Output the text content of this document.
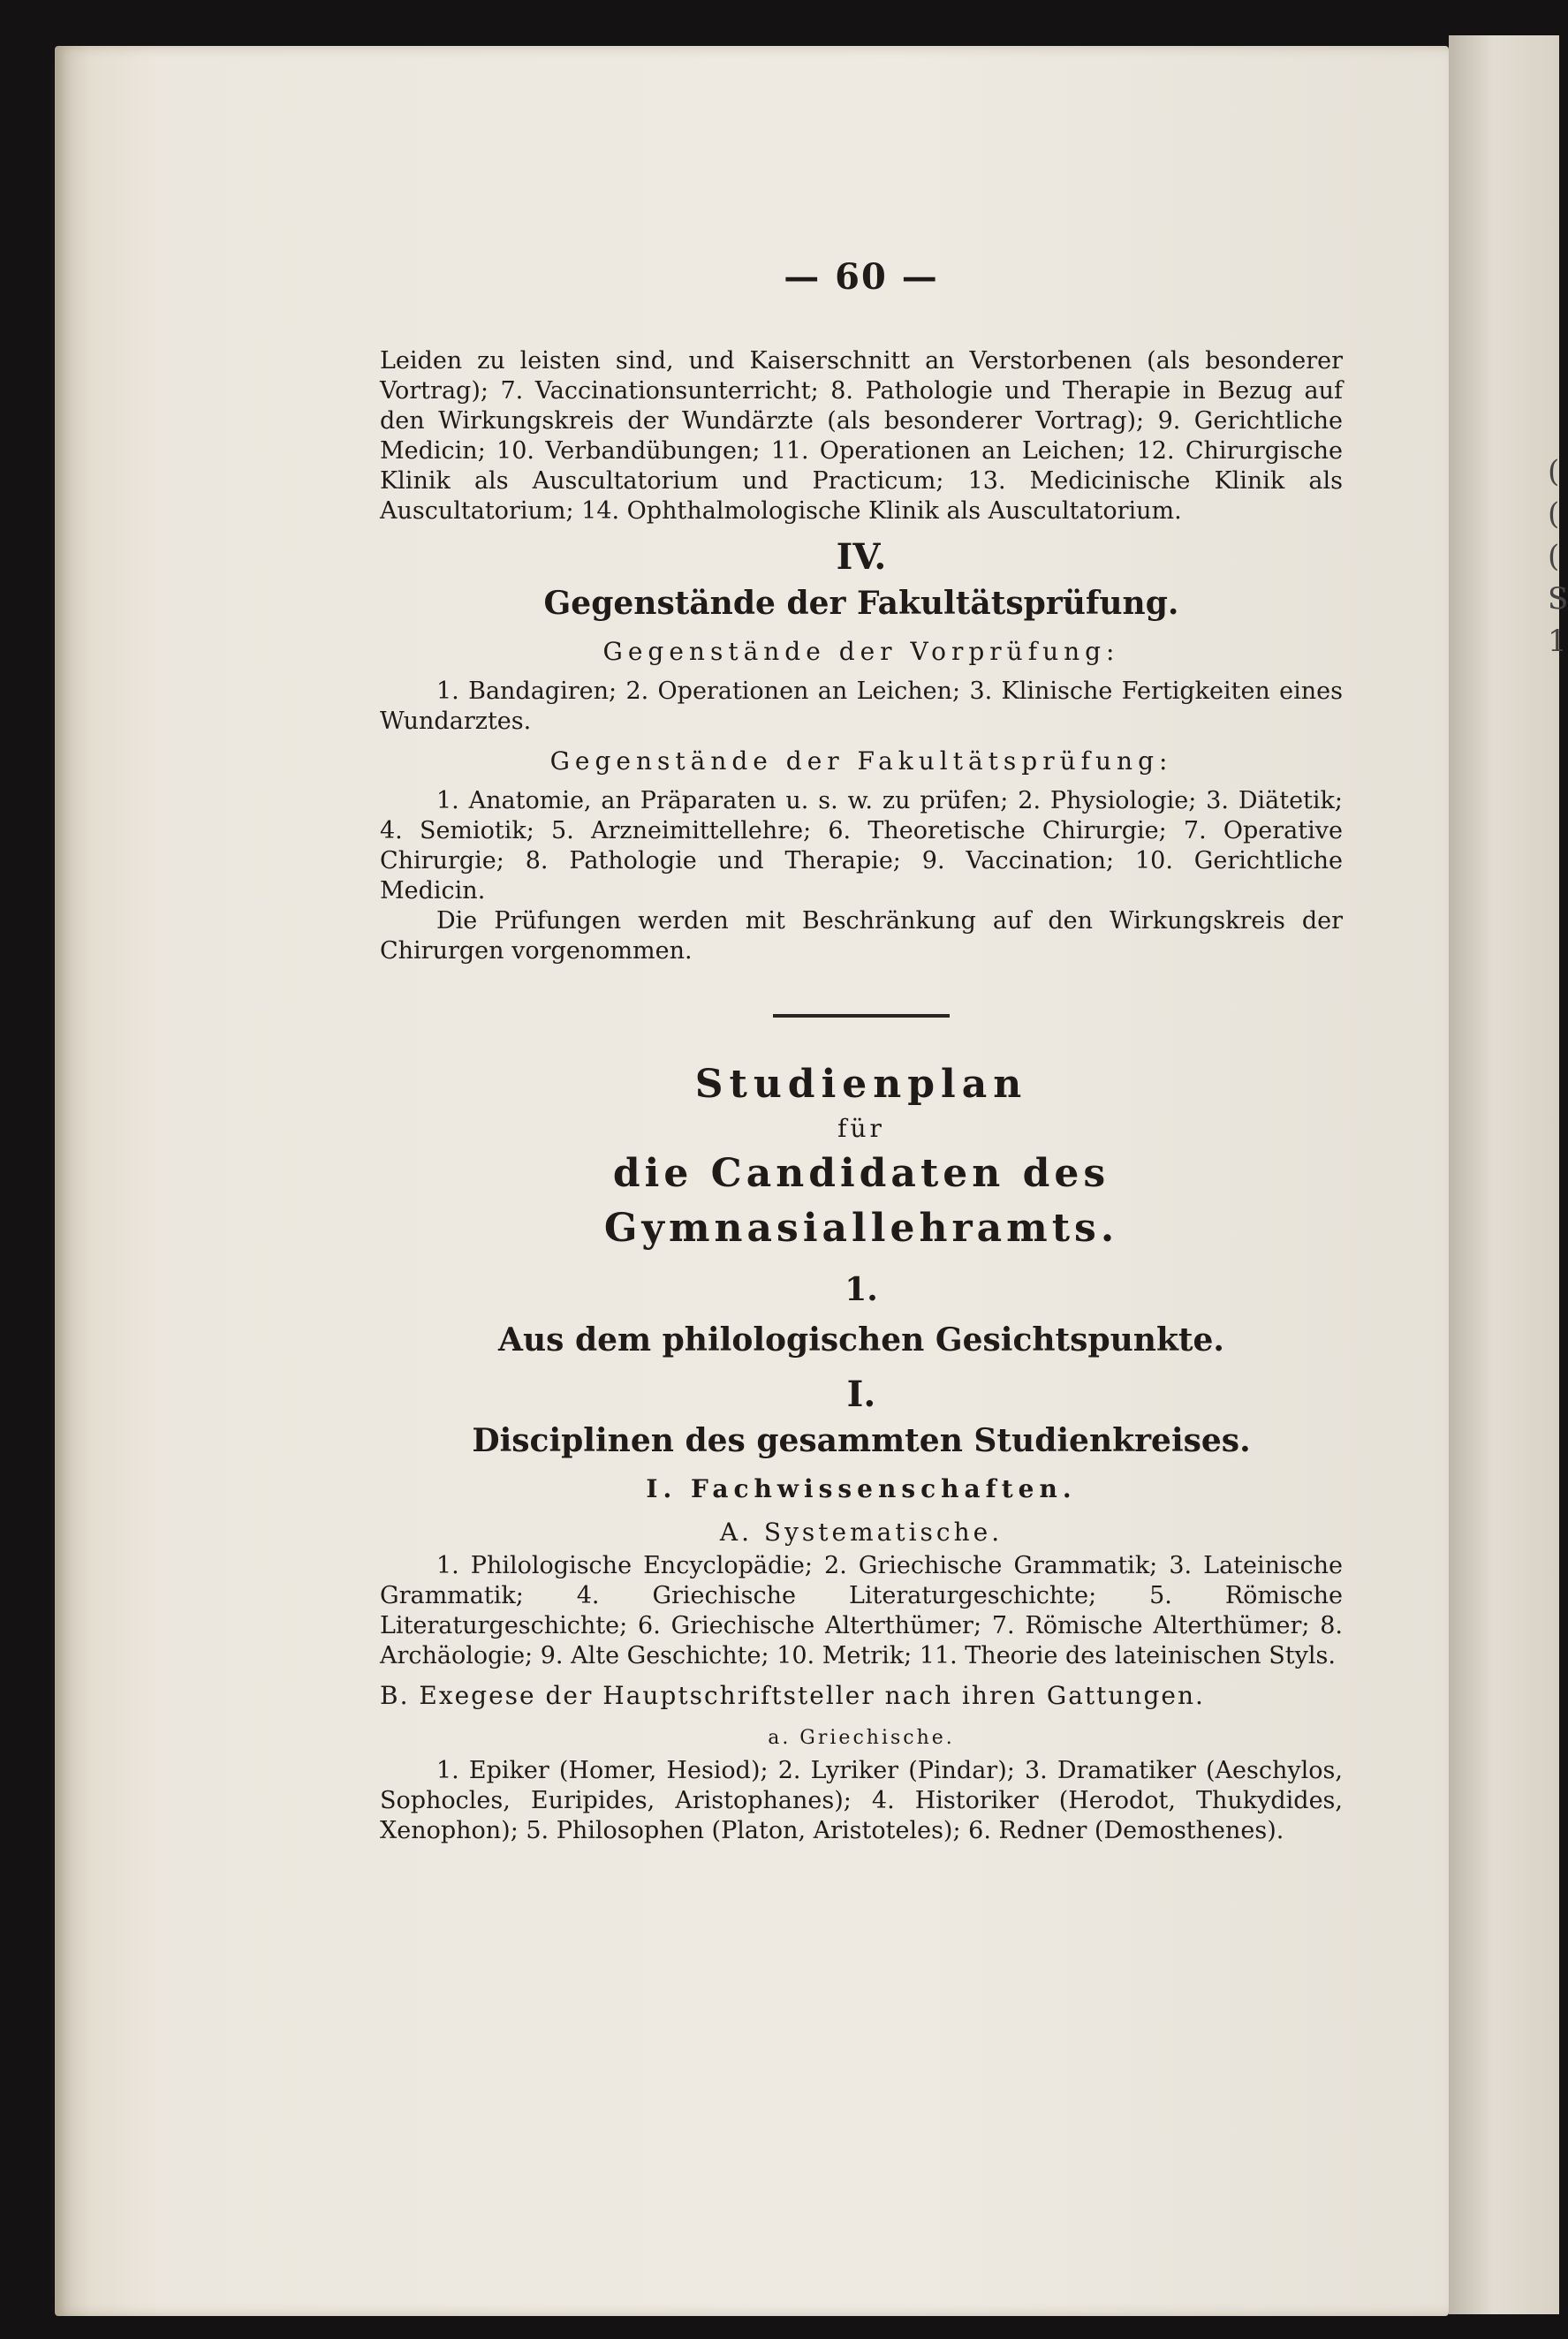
(
(
(
S
1
— 60 —

Leiden zu leisten sind, und Kaiserschnitt an Verstorbenen (als besonderer Vortrag); 7. Vaccinationsunterricht; 8. Pathologie und Therapie in Bezug auf den Wirkungskreis der Wundärzte (als besonderer Vortrag); 9. Gerichtliche Medicin; 10. Verbandübungen; 11. Operationen an Leichen; 12. Chirurgische Klinik als Auscultatorium und Practicum; 13. Medicinische Klinik als Auscultatorium; 14. Ophthalmologische Klinik als Auscultatorium.

IV.

Gegenstände der Fakultätsprüfung.

Gegenstände der Vorprüfung:

1. Bandagiren; 2. Operationen an Leichen; 3. Klinische Fertigkeiten eines Wundarztes.

Gegenstände der Fakultätsprüfung:

1. Anatomie, an Präparaten u. s. w. zu prüfen; 2. Physiologie; 3. Diätetik; 4. Semiotik; 5. Arzneimittellehre; 6. Theoretische Chirurgie; 7. Operative Chirurgie; 8. Pathologie und Therapie; 9. Vaccination; 10. Gerichtliche Medicin.

Die Prüfungen werden mit Beschränkung auf den Wirkungskreis der Chirurgen vorgenommen.

Studienplan

für

die Candidaten des Gymnasiallehramts.

1.

Aus dem philologischen Gesichtspunkte.

I.

Disciplinen des gesammten Studienkreises.

I. Fachwissenschaften.

A. Systematische.

1. Philologische Encyclopädie; 2. Griechische Grammatik; 3. Lateinische Grammatik; 4. Griechische Literaturgeschichte; 5. Römische Literaturgeschichte; 6. Griechische Alterthümer; 7. Römische Alterthümer; 8. Archäologie; 9. Alte Geschichte; 10. Metrik; 11. Theorie des lateinischen Styls.

B. Exegese der Hauptschriftsteller nach ihren Gattungen.

a. Griechische.

1. Epiker (Homer, Hesiod); 2. Lyriker (Pindar); 3. Dramatiker (Aeschylos, Sophocles, Euripides, Aristophanes); 4. Historiker (Herodot, Thukydides, Xenophon); 5. Philosophen (Platon, Aristoteles); 6. Redner (Demosthenes).
